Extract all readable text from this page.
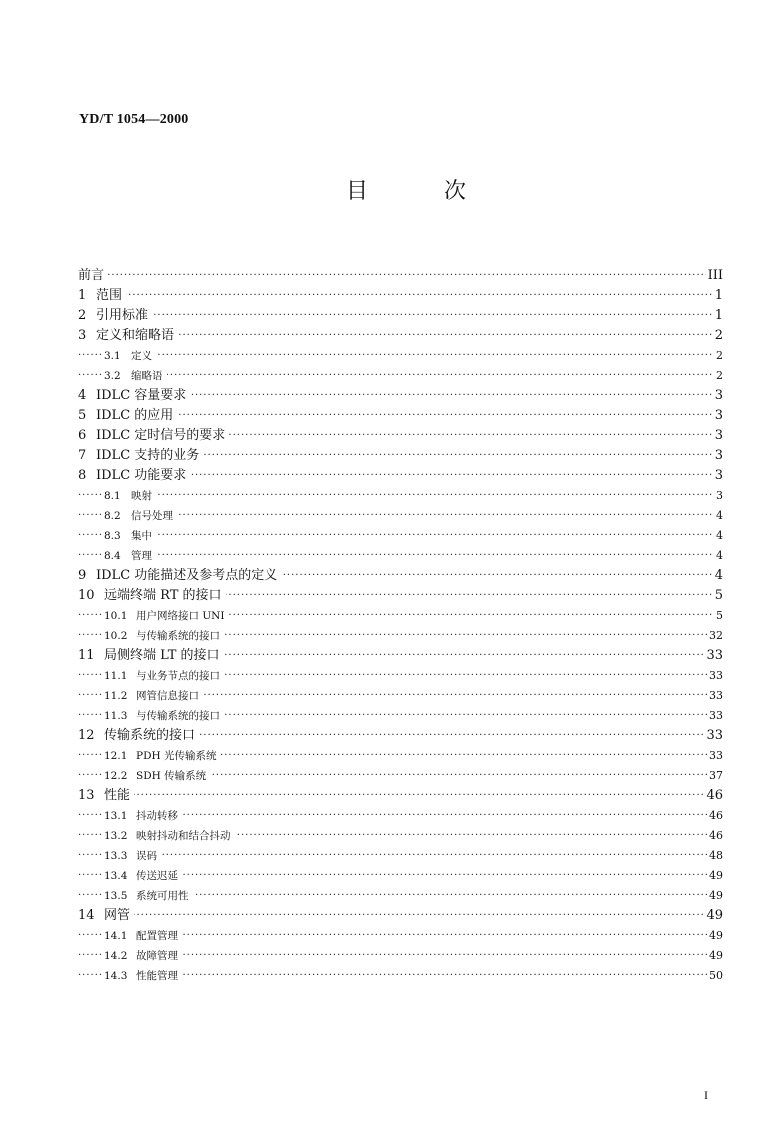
YD/T 1054—2000
目	次
····· 前言	III
····· 1 范围	1
····· 2 引用标准	1
····· 3 定义和缩略语	2
····· 3.1 定义	2
····· 3.2 缩略语	2
····· 4 IDLC 容量要求	3
····· 5 IDLC 的应用	3
····· 6 IDLC 定时信号的要求	3
····· 7 IDLC 支持的业务	3
····· 8 IDLC 功能要求	3
····· 8.1 映射	3
····· 8.2 信号处理	4
····· 8.3 集中	4
····· 8.4 管理	4
····· 9 IDLC 功能描述及参考点的定义	4
····· 10 远端终端 RT 的接口	5
····· 10.1 用户网络接口 UNI	5
····· 10.2 与传输系统的接口	32
····· 11 局侧终端 LT 的接口	33
····· 11.1 与业务节点的接口	33
····· 11.2 网管信息接口	33
····· 11.3 与传输系统的接口	33
····· 12 传输系统的接口	33
····· 12.1 PDH 光传输系统	33
····· 12.2 SDH 传输系统	37
····· 13 性能	46
····· 13.1 抖动转移	46
····· 13.2 映射抖动和结合抖动	46
····· 13.3 误码	48
····· 13.4 传送迟延	49
····· 13.5 系统可用性	49
····· 14 网管	49
····· 14.1 配置管理	49
····· 14.2 故障管理	49
····· 14.3 性能管理	50
I
